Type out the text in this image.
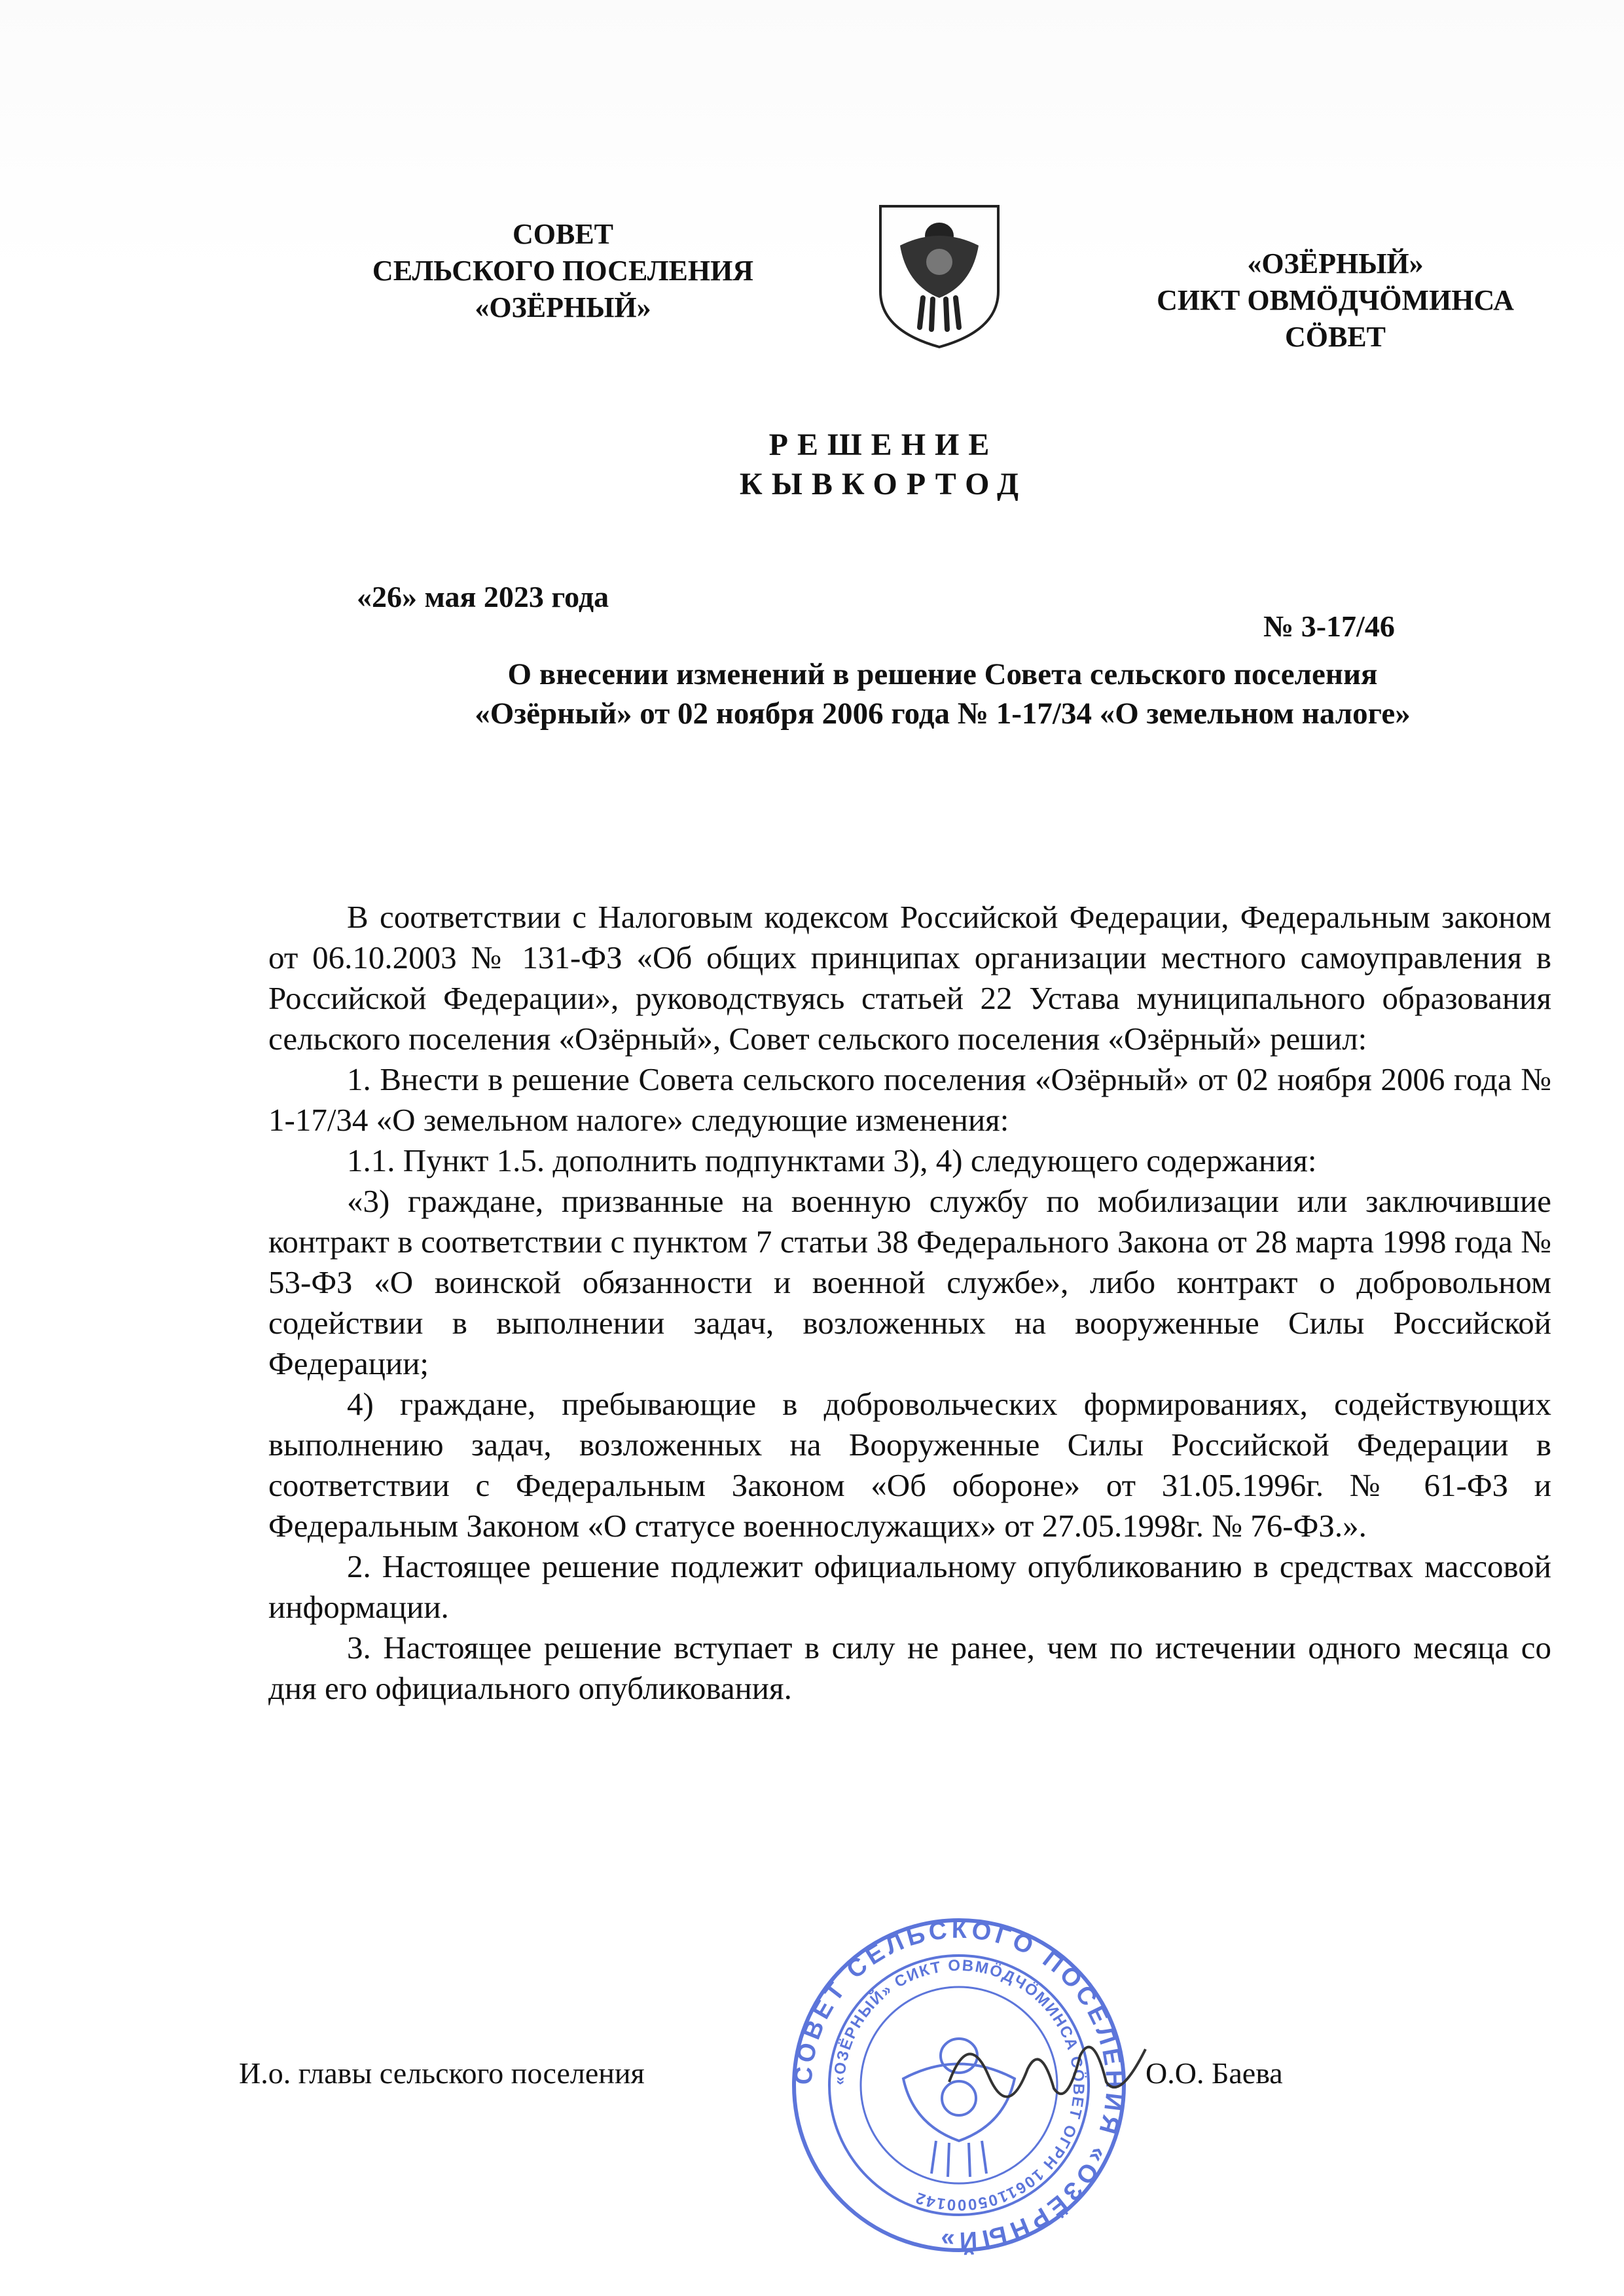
СОВЕТ
СЕЛЬСКОГО ПОСЕЛЕНИЯ
«ОЗЁРНЫЙ»
«ОЗЁРНЫЙ»
СИКТ ОВМÖДЧÖМИНСА
СÖВЕТ
РЕШЕНИЕ
КЫВКОРТОД
«26» мая 2023 года
№ 3-17/46
О внесении изменений в решение Совета сельского поселения
«Озёрный» от 02 ноября 2006 года № 1-17/34 «О земельном налоге»

В соответствии с Налоговым кодексом Российской Федерации, Федеральным законом от 06.10.2003 № 131-ФЗ «Об общих принципах организации местного самоуправления в Российской Федерации», руководствуясь статьей 22 Устава муниципального образования сельского поселения «Озёрный», Совет сельского поселения «Озёрный» решил:

1. Внести в решение Совета сельского поселения «Озёрный» от 02 ноября 2006 года № 1-17/34 «О земельном налоге» следующие изменения:

1.1. Пункт 1.5. дополнить подпунктами 3), 4) следующего содержания:

«3) граждане, призванные на военную службу по мобилизации или заключившие контракт в соответствии с пунктом 7 статьи 38 Федерального Закона от 28 марта 1998 года № 53-ФЗ «О воинской обязанности и военной службе», либо контракт о добровольном содействии в выполнении задач, возложенных на вооруженные Силы Российской Федерации;

4) граждане, пребывающие в добровольческих формированиях, содействующих выполнению задач, возложенных на Вооруженные Силы Российской Федерации в соответствии с Федеральным Законом «Об обороне» от 31.05.1996г. № 61-ФЗ и Федеральным Законом «О статусе военнослужащих» от 27.05.1998г. № 76-ФЗ.».

2. Настоящее решение подлежит официальному опубликованию в средствах массовой информации.

3. Настоящее решение вступает в силу не ранее, чем по истечении одного месяца со дня его официального опубликования.

СОВЕТ СЕЛЬСКОГО ПОСЕЛЕНИЯ «ОЗЁРНЫЙ»
«ОЗЁРНЫЙ» СИКТ ОВМÖДЧÖМИНСА СÖВЕТ ОГРН 1061105000142
И.о. главы сельского поселения	О.О. Баева
